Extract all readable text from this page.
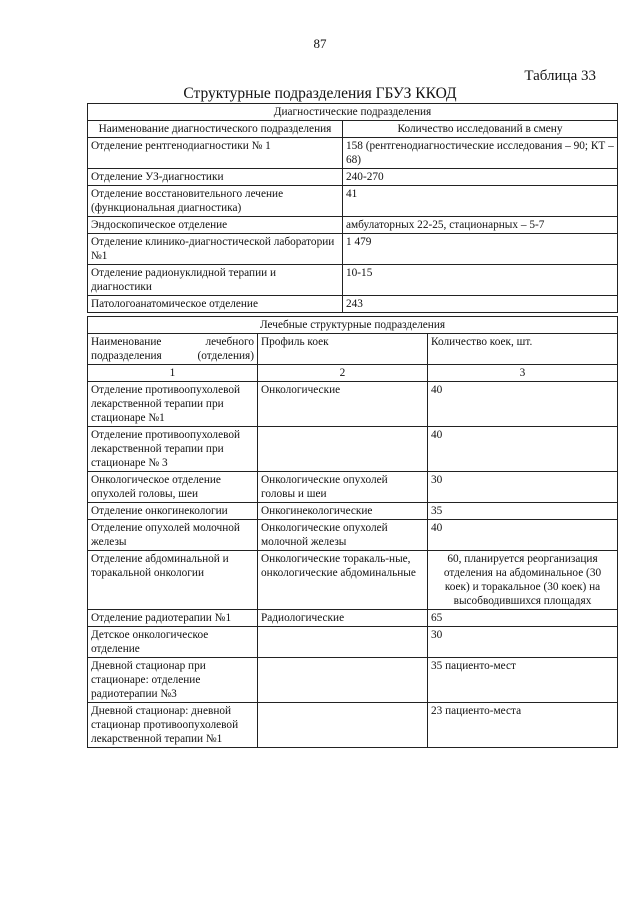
87
Таблица 33
Структурные подразделения ГБУЗ ККОД
Диагностические подразделения	
Наименование диагностического подразделения	Количество исследований в смену
Отделение рентгенодиагностики № 1	158 (рентгенодиагностические исследования – 90; КТ – 68)
Отделение УЗ-диагностики	240-270
Отделение восстановительного лечение (функциональная диагностика)	41
Эндоскопическое отделение	амбулаторных 22-25, стационарных – 5-7
Отделение клинико-диагностической лаборатории №1	1 479
Отделение радионуклидной терапии и диагностики	10-15
Патологоанатомическое отделение	243
Лечебные структурные подразделения		
Наименование лечебного подразделения (отделения)	Профиль коек	Количество коек, шт.
1	2	3
Отделение противоопухолевой лекарственной терапии при стационаре №1	Онкологические	40
Отделение противоопухолевой лекарственной терапии при стационаре № 3		40
Онкологическое отделение опухолей головы, шеи	Онкологические опухолей головы и шеи	30
Отделение онкогинекологии	Онкогинекологические	35
Отделение опухолей молочной железы	Онкологические опухолей молочной железы	40
Отделение абдоминальной и торакальной онкологии	Онкологические торакаль-ные, онкологические абдоминальные	60, планируется реорганизация отделения на абдоминальное (30 коек) и торакальное (30 коек) на высобводившихся площадях
Отделение радиотерапии №1	Радиологические	65
Детское онкологическое отделение		30
Дневной стационар при стационаре: отделение радиотерапии №3		35 пациенто-мест
Дневной стационар: дневной стационар противоопухолевой лекарственной терапии №1		23 пациенто-места
